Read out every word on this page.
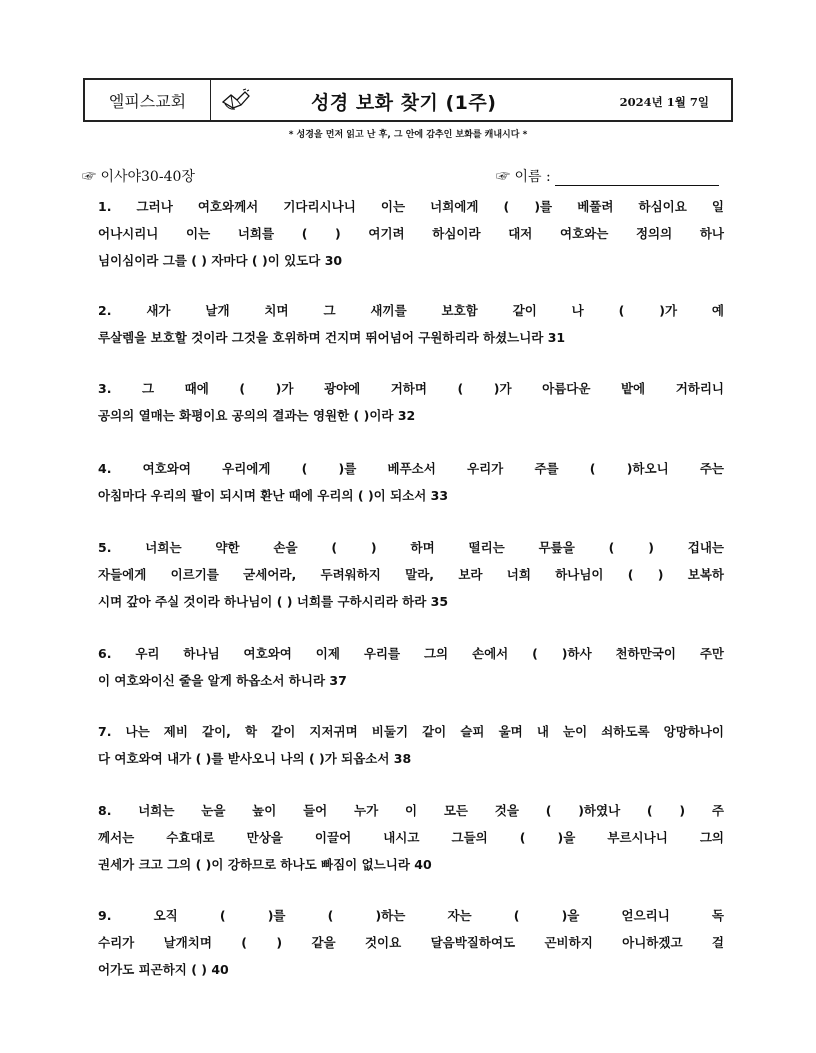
엘피스교회	성경 보화 찾기 (1주)	2024년 1월 7일
* 성경을 먼저 읽고 난 후, 그 안에 감추인 보화를 캐내시다 *
☞ 이사야30-40장	☞ 이름 :
1. 그러나 여호와께서 기다리시나니 이는 너희에게 ( )를 베풀려 하심이요 일
어나시리니 이는 너희를 ( ) 여기려 하심이라 대저 여호와는 정의의 하나
님이심이라 그를 ( ) 자마다 ( )이 있도다 30
2. 새가 날개 치며 그 새끼를 보호함 같이 나 ( )가 예
루살렘을 보호할 것이라 그것을 호위하며 건지며 뛰어넘어 구원하리라 하셨느니라 31
3. 그 때에 ( )가 광야에 거하며 ( )가 아름다운 밭에 거하리니
공의의 열매는 화평이요 공의의 결과는 영원한 ( )이라 32
4. 여호와여 우리에게 ( )를 베푸소서 우리가 주를 ( )하오니 주는
아침마다 우리의 팔이 되시며 환난 때에 우리의 ( )이 되소서 33
5. 너희는 약한 손을 ( ) 하며 떨리는 무릎을 ( ) 겁내는
자들에게 이르기를 굳세어라, 두려워하지 말라, 보라 너희 하나님이 ( ) 보복하
시며 갚아 주실 것이라 하나님이 ( ) 너희를 구하시리라 하라 35
6. 우리 하나님 여호와여 이제 우리를 그의 손에서 ( )하사 천하만국이 주만
이 여호와이신 줄을 알게 하옵소서 하니라 37
7. 나는 제비 같이, 학 같이 지저귀며 비둘기 같이 슬피 울며 내 눈이 쇠하도록 앙망하나이
다 여호와여 내가 ( )를 받사오니 나의 ( )가 되옵소서 38
8. 너희는 눈을 높이 들어 누가 이 모든 것을 ( )하였나 ( ) 주
께서는 수효대로 만상을 이끌어 내시고 그들의 ( )을 부르시나니 그의
권세가 크고 그의 ( )이 강하므로 하나도 빠짐이 없느니라 40
9. 오직 ( )를 ( )하는 자는 ( )을 얻으리니 독
수리가 날개치며 ( ) 같을 것이요 달음박질하여도 곤비하지 아니하겠고 걸
어가도 피곤하지 ( ) 40
